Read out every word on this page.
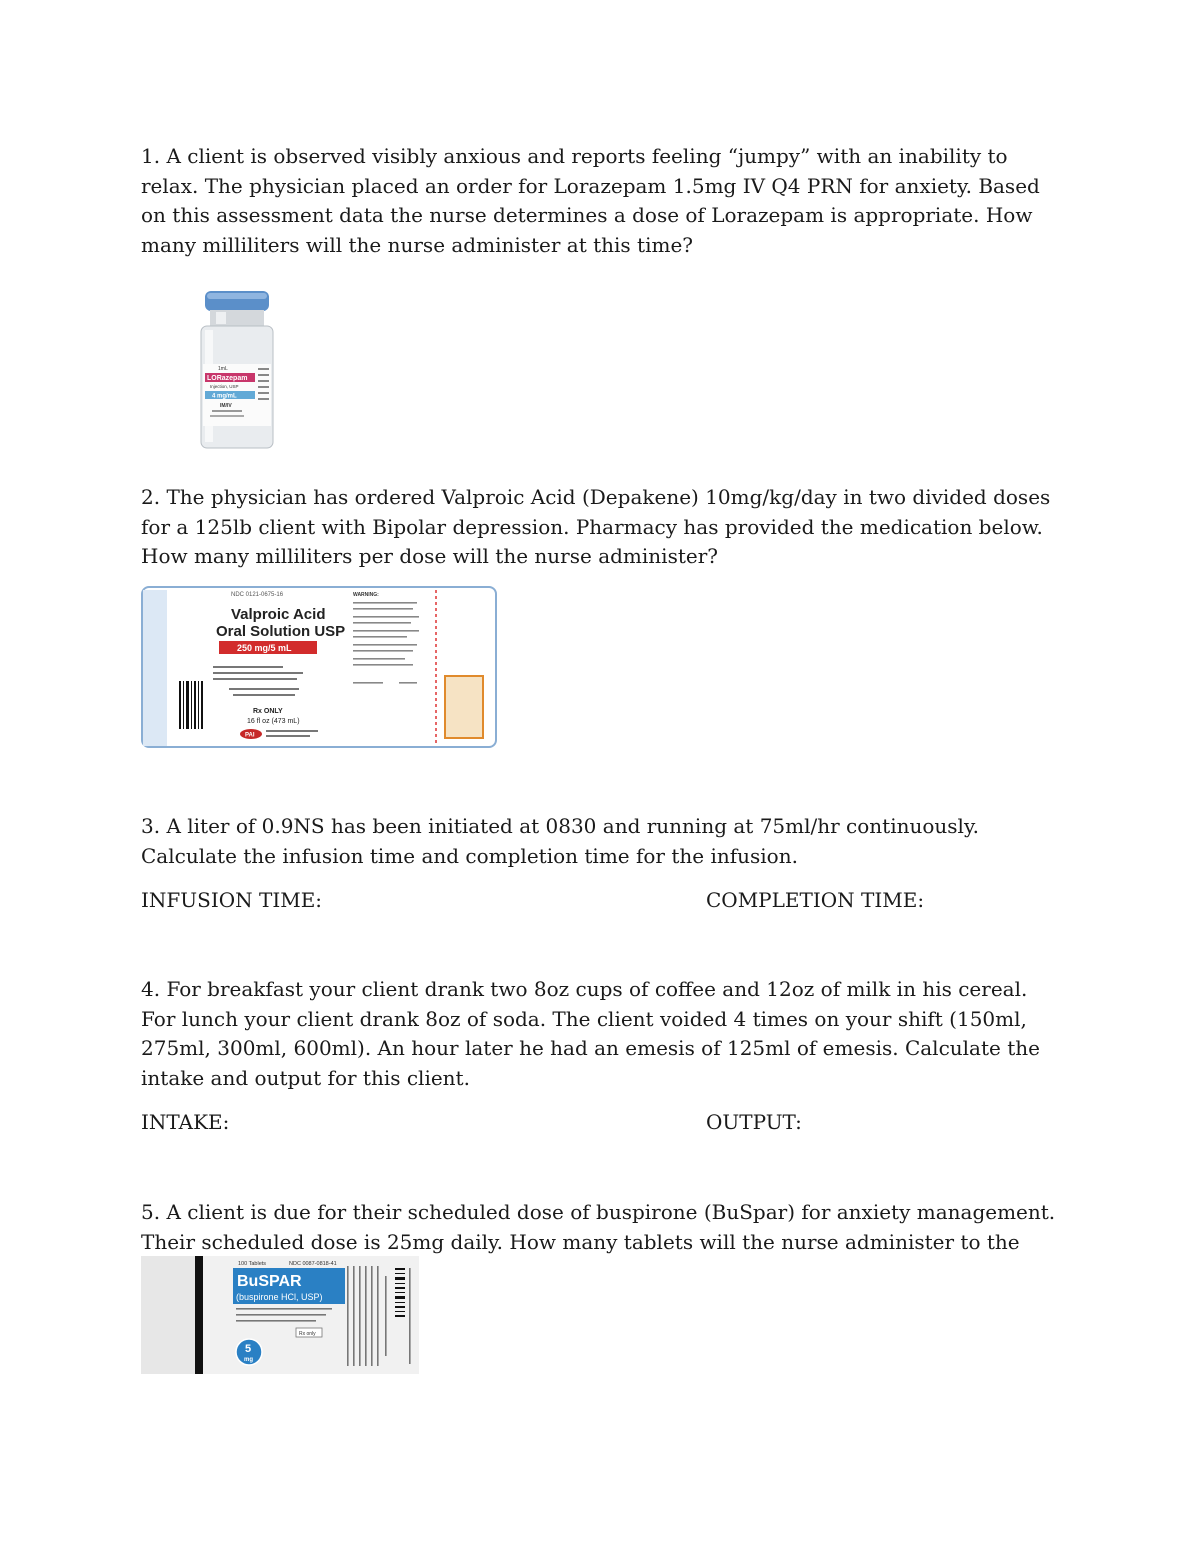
1. A client is observed visibly anxious and reports feeling “jumpy” with an inability to relax. The physician placed an order for Lorazepam 1.5mg IV Q4 PRN for anxiety. Based on this assessment data the nurse determines a dose of Lorazepam is appropriate. How many milliliters will the nurse administer at this time?
1mL
LORazepam
Injection, USP
4 mg/mL
IM/IV
2. The physician has ordered Valproic Acid (Depakene) 10mg/kg/day in two divided doses for a 125lb client with Bipolar depression. Pharmacy has provided the medication below. How many milliliters per dose will the nurse administer?
NDC 0121-0675-16
Valproic Acid
Oral Solution USP
250 mg/5 mL
Rx ONLY
16 fl oz (473 mL)
PAI
WARNING:
3. A liter of 0.9NS has been initiated at 0830 and running at 75ml/hr continuously. Calculate the infusion time and completion time for the infusion.
INFUSION TIME:	COMPLETION TIME:
4. For breakfast your client drank two 8oz cups of coffee and 12oz of milk in his cereal. For lunch your client drank 8oz of soda. The client voided 4 times on your shift (150ml, 275ml, 300ml, 600ml). An hour later he had an emesis of 125ml of emesis. Calculate the intake and output for this client.
INTAKE:	OUTPUT:
5. A client is due for their scheduled dose of buspirone (BuSpar) for anxiety management. Their scheduled dose is 25mg daily. How many tablets will the nurse administer to the
100 Tablets	NDC 0087-0818-41
BuSPAR
(buspirone HCl, USP)
Rx only
5
mg
